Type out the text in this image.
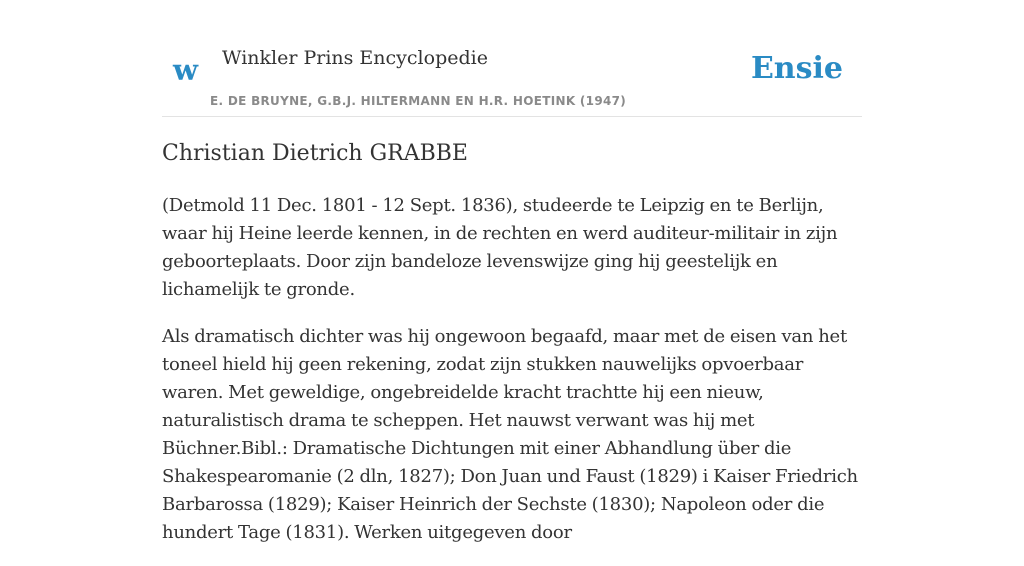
w Winkler Prins Encyclopedie
E. DE BRUYNE, G.B.J. HILTERMANN EN H.R. HOETINK (1947)
Ensie
Christian Dietrich GRABBE

(Detmold 11 Dec. 1801 - 12 Sept. 1836), studeerde te Leipzig en te Berlijn, waar hij Heine leerde kennen, in de rechten en werd auditeur-militair in zijn geboorteplaats. Door zijn bandeloze levenswijze ging hij geestelijk en lichamelijk te gronde.

Als dramatisch dichter was hij ongewoon begaafd, maar met de eisen van het toneel hield hij geen rekening, zodat zijn stukken nauwelijks opvoerbaar waren. Met geweldige, ongebreidelde kracht trachtte hij een nieuw, naturalistisch drama te scheppen. Het nauwst verwant was hij met Büchner.Bibl.: Dramatische Dichtungen mit einer Abhandlung über die Shakespearomanie (2 dln, 1827); Don Juan und Faust (1829) i Kaiser Friedrich Barbarossa (1829); Kaiser Heinrich der Sechste (1830); Napoleon oder die hundert Tage (1831). Werken uitgegeven door
